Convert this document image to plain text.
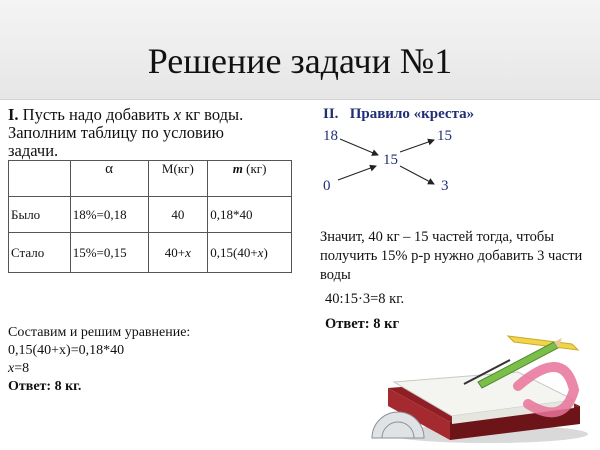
Решение задачи №1
I. Пусть надо добавить x кг воды.
Заполним таблицу по условию
задачи.
	α	М(кг)	m (кг)
Было	18%=0,18	40	0,18*40
Стало	15%=0,15	40+x	0,15(40+x)
Составим и решим уравнение:
0,15(40+x)=0,18*40
x=8
Ответ: 8 кг.
II. Правило «креста»
18	15
15
0	3
Значит, 40 кг – 15 частей тогда, чтобы получить 15% р-р нужно добавить 3 части воды
40:15·3=8 кг.
Ответ: 8 кг
